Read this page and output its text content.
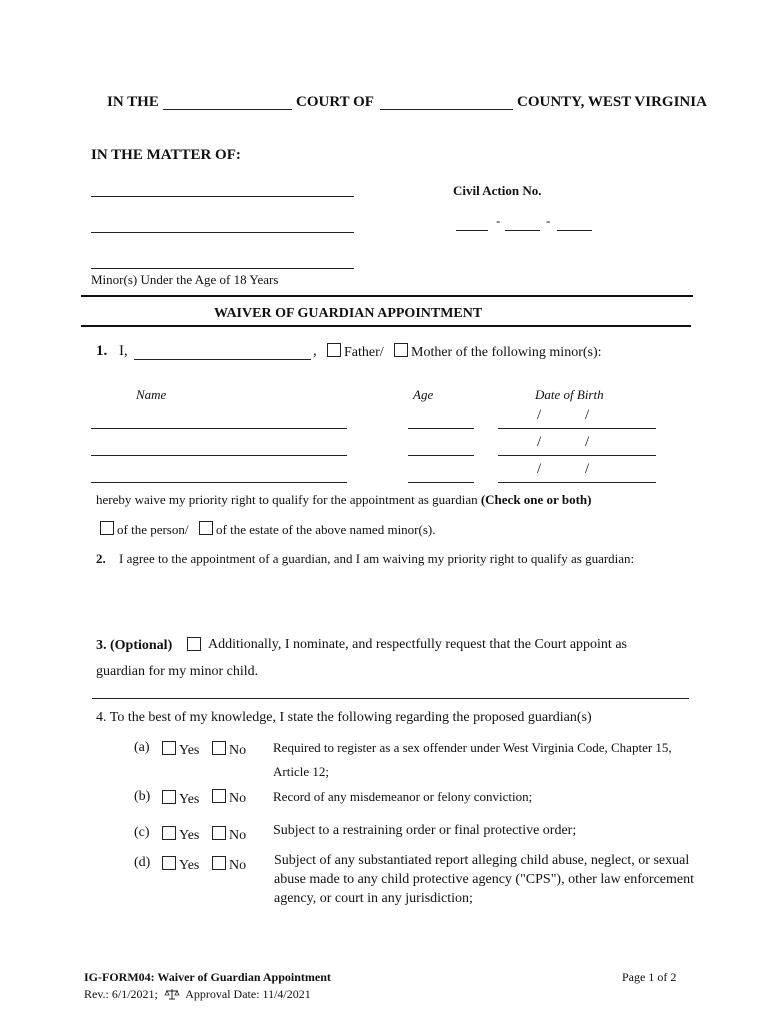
IN THE	COURT OF	COUNTY, WEST VIRGINIA
IN THE MATTER OF:
Minor(s) Under the Age of 18 Years
Civil Action No.
-	-
WAIVER OF GUARDIAN APPOINTMENT
1. I,	,	Father/	Mother of the following minor(s):
Name	Age	Date of Birth
/	/
/	/
/	/
hereby waive my priority right to qualify for the appointment as guardian (Check one or both)
of the person/	of the estate of the above named minor(s).
2. I agree to the appointment of a guardian, and I am waiving my priority right to qualify as guardian:
3. (Optional)	Additionally, I nominate, and respectfully request that the Court appoint as
guardian for my minor child.
4. To the best of my knowledge, I state the following regarding the proposed guardian(s)
(a)	Yes	No Required to register as a sex offender under West Virginia Code, Chapter 15,
Article 12;
(b)	Yes	No Record of any misdemeanor or felony conviction;
(c)	Yes	No Subject to a restraining order or final protective order;
(d)	Yes	No Subject of any substantiated report alleging child abuse, neglect, or sexual
abuse made to any child protective agency ("CPS"), other law enforcement
agency, or court in any jurisdiction;
IG-FORM04: Waiver of Guardian Appointment
Rev.: 6/1/2021; Approval Date: 11/4/2021
Page 1 of 2
